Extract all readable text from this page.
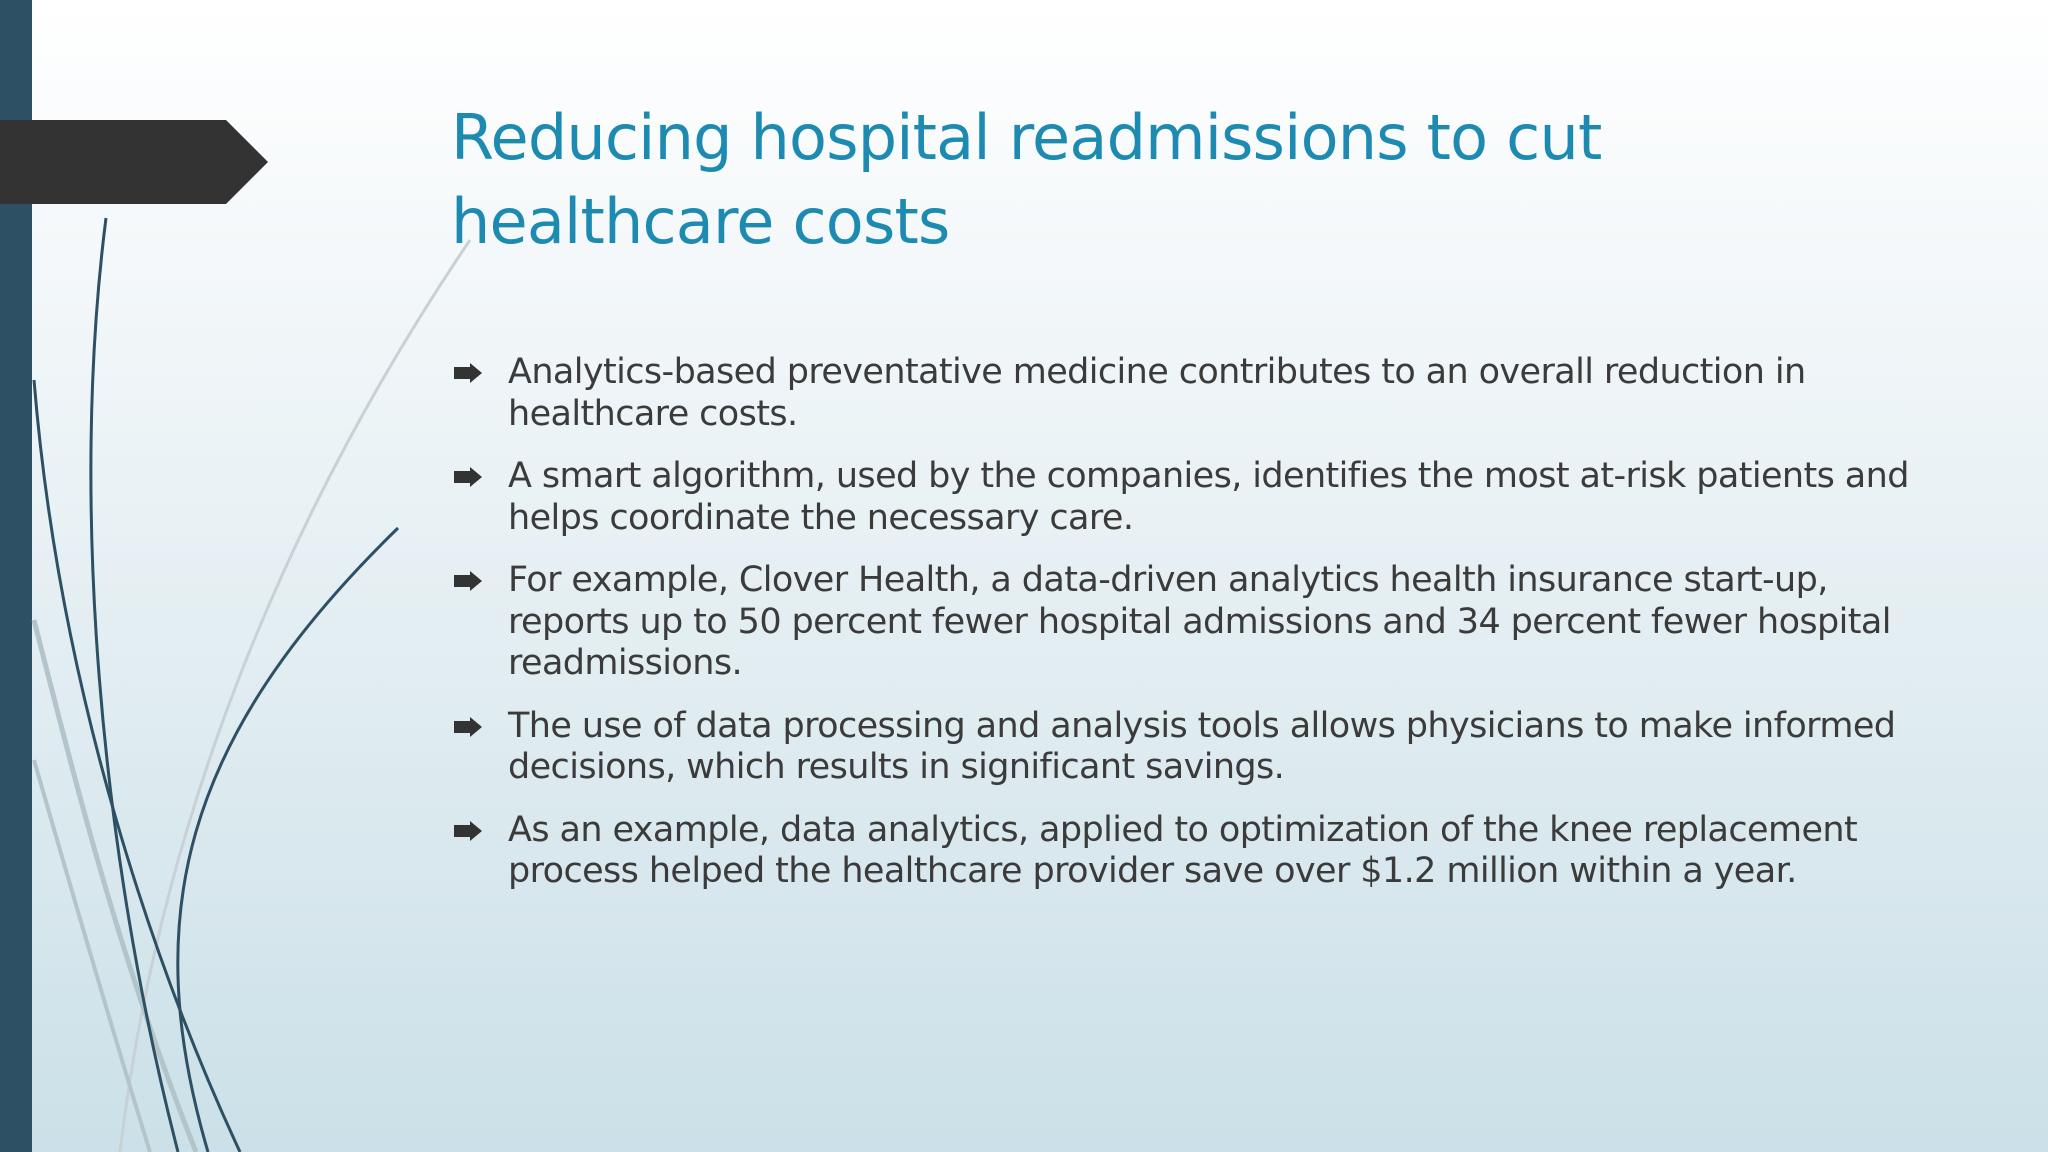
Reducing hospital readmissions to cut healthcare costs
Analytics-based preventative medicine contributes to an overall reduction in healthcare costs.
A smart algorithm, used by the companies, identifies the most at-risk patients and helps coordinate the necessary care.
For example, Clover Health, a data-driven analytics health insurance start-up, reports up to 50 percent fewer hospital admissions and 34 percent fewer hospital readmissions.
The use of data processing and analysis tools allows physicians to make informed decisions, which results in significant savings.
As an example, data analytics, applied to optimization of the knee replacement process helped the healthcare provider save over $1.2 million within a year.
